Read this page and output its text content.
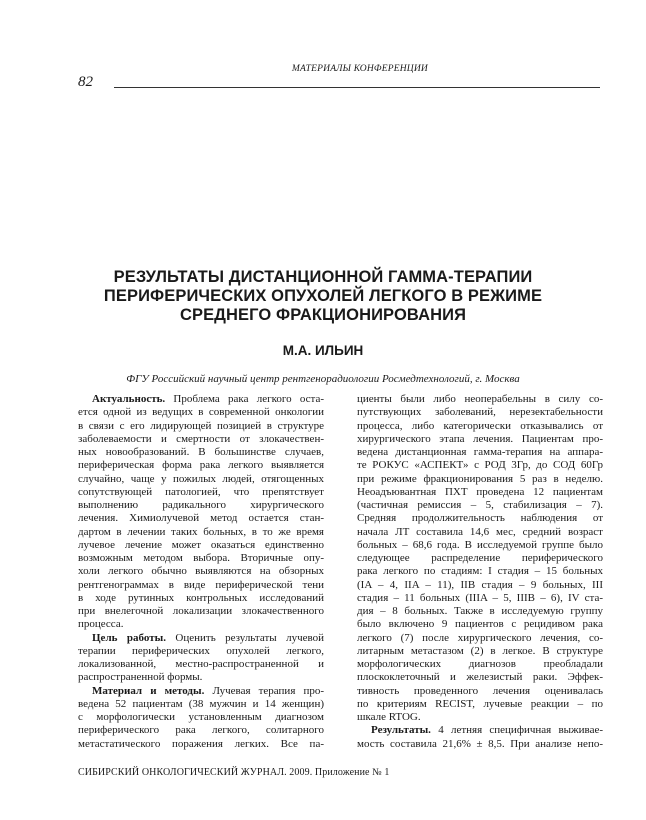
82
МАТЕРИАЛЫ КОНФЕРЕНЦИИ
РЕЗУЛЬТАТЫ ДИСТАНЦИОННОЙ ГАММА-ТЕРАПИИ
ПЕРИФЕРИЧЕСКИХ ОПУХОЛЕЙ ЛЕГКОГО В РЕЖИМЕ
СРЕДНЕГО ФРАКЦИОНИРОВАНИЯ
М.А. ИЛЬИН
ФГУ Российский научный центр рентгенорадиологии Росмедтехнологий, г. Москва
Актуальность. Проблема рака легкого оста-
ется одной из ведущих в современной онкологии
в связи с его лидирующей позицией в структуре
заболеваемости и смертности от злокачествен-
ных новообразований. В большинстве случаев,
периферическая форма рака легкого выявляется
случайно, чаще у пожилых людей, отягощенных
сопутствующей патологией, что препятствует
выполнению радикального хирургического
лечения. Химиолучевой метод остается стан-
дартом в лечении таких больных, в то же время
лучевое лечение может оказаться единственно
возможным методом выбора. Вторичные опу-
холи легкого обычно выявляются на обзорных
рентгенограммах в виде периферической тени
в ходе рутинных контрольных исследований
при внелегочной локализации злокачественного
процесса.
Цель работы. Оценить результаты лучевой
терапии периферических опухолей легкого,
локализованной, местно-распространенной и
распространенной формы.
Материал и методы. Лучевая терапия про-
ведена 52 пациентам (38 мужчин и 14 женщин)
с морфологически установленным диагнозом
периферического рака легкого, солитарного
метастатического поражения легких. Все па-
циенты были либо неоперабельны в силу со-
путствующих заболеваний, нерезектабельности
процесса, либо категорически отказывались от
хирургического этапа лечения. Пациентам про-
ведена дистанционная гамма-терапия на аппара-
те РОКУС «АСПЕКТ» с РОД 3Гр, до СОД 60Гр
при режиме фракционирования 5 раз в неделю.
Неоадъювантная ПХТ проведена 12 пациентам
(частичная ремиссия – 5, стабилизация – 7).
Средняя продолжительность наблюдения от
начала ЛТ составила 14,6 мес, средний возраст
больных – 68,6 года. В исследуемой группе было
следующее распределение периферического
рака легкого по стадиям: I стадия – 15 больных
(IA – 4, IIA – 11), IIB стадия – 9 больных, III
стадия – 11 больных (IIIA – 5, IIIB – 6), IV ста-
дия – 8 больных. Также в исследуемую группу
было включено 9 пациентов с рецидивом рака
легкого (7) после хирургического лечения, со-
литарным метастазом (2) в легкое. В структуре
морфологических диагнозов преобладали
плоскоклеточный и железистый раки. Эффек-
тивность проведенного лечения оценивалась
по критериям RECIST, лучевые реакции – по
шкале RTOG.
Результаты. 4 летняя специфичная выживае-
мость составила 21,6% ± 8,5. При анализе непо-
СИБИРСКИЙ ОНКОЛОГИЧЕСКИЙ ЖУРНАЛ. 2009. Приложение № 1
